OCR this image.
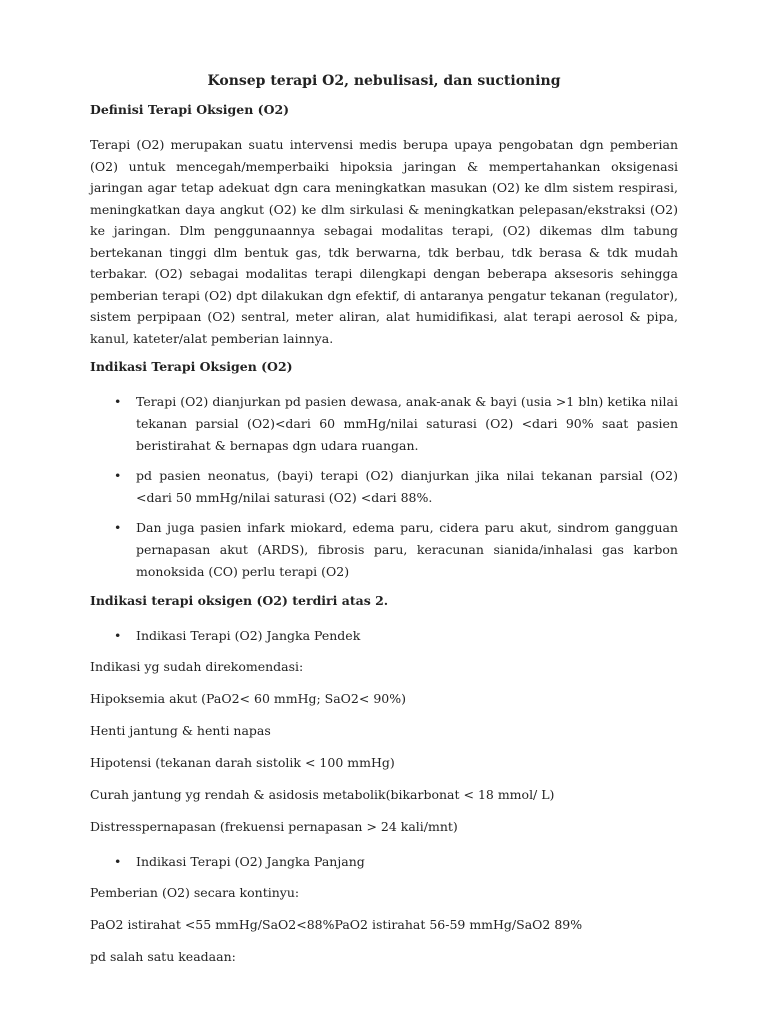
Konsep terapi O2, nebulisasi, dan suctioning
Definisi Terapi Oksigen (O2)
Terapi (O2) merupakan suatu intervensi medis berupa upaya pengobatan dgn pemberian (O2) untuk mencegah/memperbaiki hipoksia jaringan & mempertahankan oksigenasi jaringan agar tetap adekuat dgn cara meningkatkan masukan (O2) ke dlm sistem respirasi, meningkatkan daya angkut (O2) ke dlm sirkulasi & meningkatkan pelepasan/ekstraksi (O2) ke jaringan. Dlm penggunaannya sebagai modalitas terapi, (O2) dikemas dlm tabung bertekanan tinggi dlm bentuk gas, tdk berwarna, tdk berbau, tdk berasa & tdk mudah terbakar. (O2) sebagai modalitas terapi dilengkapi dengan beberapa aksesoris sehingga pemberian terapi (O2) dpt dilakukan dgn efektif, di antaranya pengatur tekanan (regulator), sistem perpipaan (O2) sentral, meter aliran, alat humidifikasi, alat terapi aerosol & pipa, kanul, kateter/alat pemberian lainnya.
Indikasi Terapi Oksigen (O2)
• Terapi (O2) dianjurkan pd pasien dewasa, anak-anak & bayi (usia >1 bln) ketika nilai tekanan parsial (O2)<dari 60 mmHg/nilai saturasi (O2) <dari 90% saat pasien beristirahat & bernapas dgn udara ruangan.
• pd pasien neonatus, (bayi) terapi (O2) dianjurkan jika nilai tekanan parsial (O2)<dari 50 mmHg/nilai saturasi (O2) <dari 88%.
• Dan juga pasien infark miokard, edema paru, cidera paru akut, sindrom gangguan pernapasan akut (ARDS), fibrosis paru, keracunan sianida/inhalasi gas karbon monoksida (CO) perlu terapi (O2)
Indikasi terapi oksigen (O2) terdiri atas 2.
• Indikasi Terapi (O2) Jangka Pendek
Indikasi yg sudah direkomendasi:
Hipoksemia akut (PaO2< 60 mmHg; SaO2< 90%)
Henti jantung & henti napas
Hipotensi (tekanan darah sistolik < 100 mmHg)
Curah jantung yg rendah & asidosis metabolik(bikarbonat < 18 mmol/ L)
Distresspernapasan (frekuensi pernapasan > 24 kali/mnt)
• Indikasi Terapi (O2) Jangka Panjang
Pemberian (O2) secara kontinyu:
PaO2 istirahat <55 mmHg/SaO2<88%PaO2 istirahat 56-59 mmHg/SaO2 89%
pd salah satu keadaan:
